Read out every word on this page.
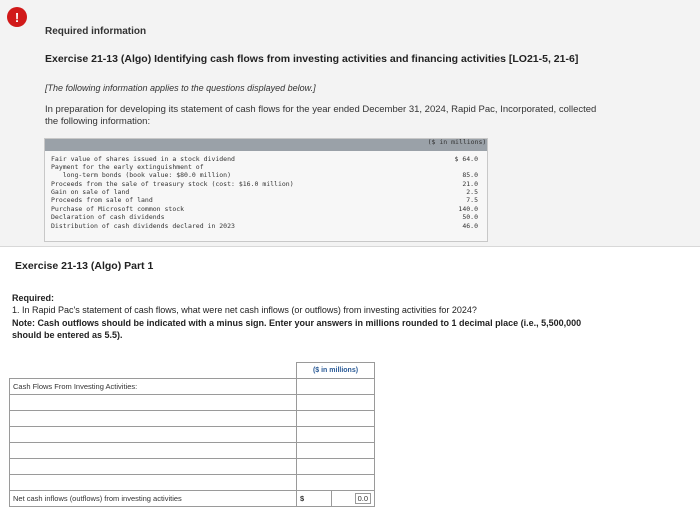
!
Required information
Exercise 21-13 (Algo) Identifying cash flows from investing activities and financing activities [LO21-5, 21-6]
[The following information applies to the questions displayed below.]
In preparation for developing its statement of cash flows for the year ended December 31, 2024, Rapid Pac, Incorporated, collected the following information:
($ in millions)
Fair value of shares issued in a stock dividend	$ 64.0
Payment for the early extinguishment of
long-term bonds (book value: $80.0 million)	85.0
Proceeds from the sale of treasury stock (cost: $16.0 million)	21.0
Gain on sale of land	2.5
Proceeds from sale of land	7.5
Purchase of Microsoft common stock	140.0
Declaration of cash dividends	50.0
Distribution of cash dividends declared in 2023	46.0
Exercise 21-13 (Algo) Part 1
Required:
1. In Rapid Pac's statement of cash flows, what were net cash inflows (or outflows) from investing activities for 2024?
Note: Cash outflows should be indicated with a minus sign. Enter your answers in millions rounded to 1 decimal place (i.e., 5,500,000 should be entered as 5.5).
	($ in millions)	
Cash Flows From Investing Activities:		

Net cash inflows (outflows) from investing activities	$	0.0
